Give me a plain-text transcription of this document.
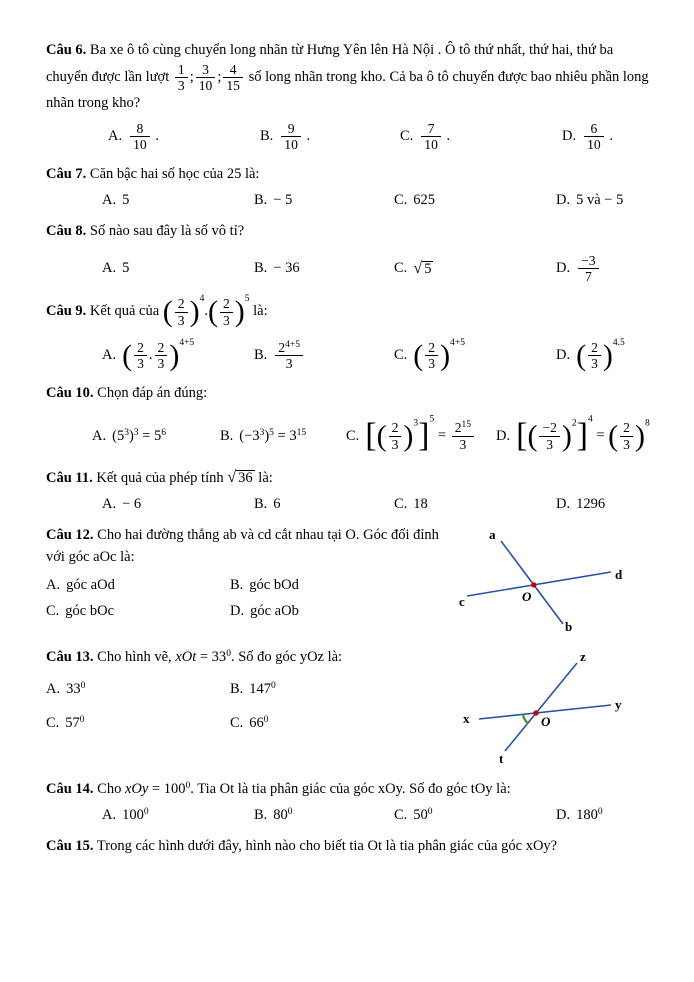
Câu 6. Ba xe ô tô cùng chuyển long nhãn từ Hưng Yên lên Hà Nội . Ô tô thứ nhất, thứ hai, thứ ba chuyển được lần lượt $\frac{1}{3}$ ; $\frac{3}{10}$ ; $\frac{4}{15}$ số long nhãn trong kho. Cả ba ô tô chuyển được bao nhiêu phần long nhãn trong kho?

A. $\frac{8}{10}$ .	B. $\frac{9}{10}$ .	C. $\frac{7}{10}$ .	D. $\frac{6}{10}$ .

Câu 7. Căn bậc hai số học của 25 là:

A. 5	B. − 5	C. 625	D. 5 và − 5

Câu 8. Số nào sau đây là số vô tỉ?

A. 5	B. − 36	C. √ 5	D. $\frac{-3}{7}$

Câu 9. Kết quả của ( $\frac{2}{3} )^4.( \frac{2}{3} )^5$ là:

A. ( $\frac{2}{3}$ . $\frac{2}{3} )^{4+5}$
B. $\frac{2^{4+5}}{3}$	C. ( $\frac{2}{3} )^{4+5}$
D. ( $\frac{2}{3} )^{4.5}$

Câu 10. Chọn đáp án đúng:

A. $(5^3)^3 = 5^6$	B. $(-3^3)^5 = 3^{15}$	C. [( $\frac{2}{3} )^3]^5 = \frac{2^{15}}{3} D$. [( $\frac{-2}{3} )^2]^4$ = ( $\frac{2}{3} )^8$

Câu 11. Kết quả của phép tính √ 36 là:

A. − 6	B. 6	C. 18	D. 1296

Câu 12. Cho hai đường thẳng ab và cd cắt nhau tại O. Góc đối đỉnh với góc aOc là:

A. góc aOd	B. góc bOd
C. góc bOc	D. góc aOb
a
b
c
d
O

Câu 13. Cho hình vẽ, xOt = $33^0$. Số đo góc yOz là:

A. $33^0$	B. $147^0$
C. $57^0$	C. $66^0$
z
x
y
t
O

Câu 14. Cho xOy = $100^0$. Tia Ot là tia phân giác của góc xOy. Số đo góc tOy là:

A. $100^0$	B. $80^0$	C. $50^0$	D. $180^0$

Câu 15. Trong các hình dưới đây, hình nào cho biết tia Ot là tia phân giác của góc xOy?
